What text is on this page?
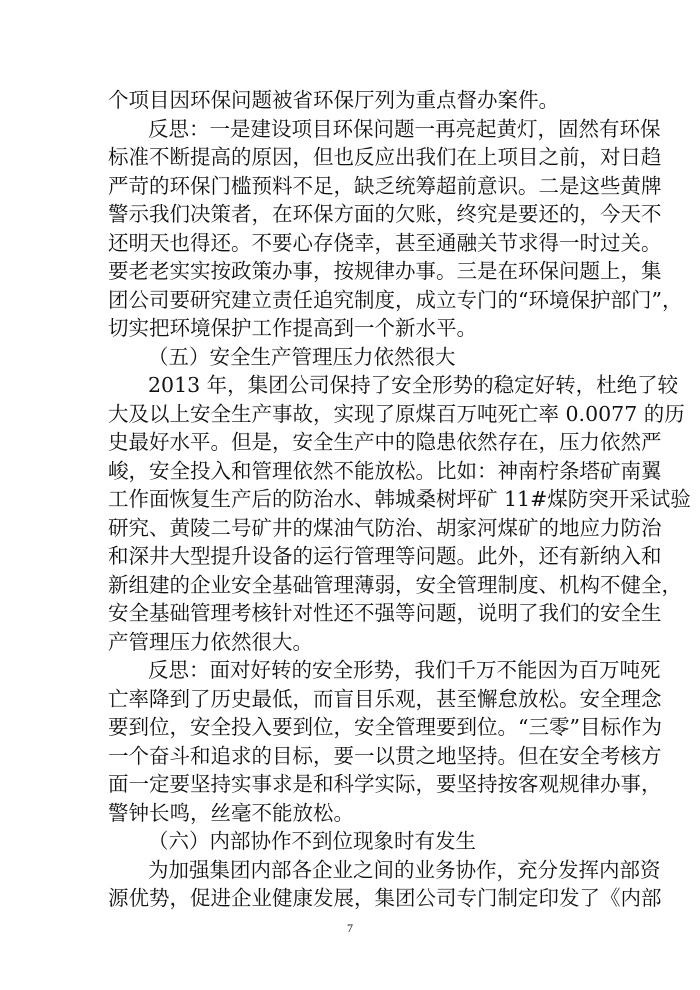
个项目因环保问题被省环保厅列为重点督办案件。
反思：一是建设项目环保问题一再亮起黄灯，固然有环保
标准不断提高的原因，但也反应出我们在上项目之前，对日趋
严苛的环保门槛预料不足，缺乏统筹超前意识。二是这些黄牌
警示我们决策者，在环保方面的欠账，终究是要还的，今天不
还明天也得还。不要心存侥幸，甚至通融关节求得一时过关。
要老老实实按政策办事，按规律办事。三是在环保问题上，集
团公司要研究建立责任追究制度，成立专门的“环境保护部门”，
切实把环境保护工作提高到一个新水平。
（五）安全生产管理压力依然很大
2013 年，集团公司保持了安全形势的稳定好转，杜绝了较
大及以上安全生产事故，实现了原煤百万吨死亡率 0.0077 的历
史最好水平。但是，安全生产中的隐患依然存在，压力依然严
峻，安全投入和管理依然不能放松。比如：神南柠条塔矿南翼
工作面恢复生产后的防治水、韩城桑树坪矿 11#煤防突开采试验
研究、黄陵二号矿井的煤油气防治、胡家河煤矿的地应力防治
和深井大型提升设备的运行管理等问题。此外，还有新纳入和
新组建的企业安全基础管理薄弱，安全管理制度、机构不健全，
安全基础管理考核针对性还不强等问题，说明了我们的安全生
产管理压力依然很大。
反思：面对好转的安全形势，我们千万不能因为百万吨死
亡率降到了历史最低，而盲目乐观，甚至懈怠放松。安全理念
要到位，安全投入要到位，安全管理要到位。“三零”目标作为
一个奋斗和追求的目标，要一以贯之地坚持。但在安全考核方
面一定要坚持实事求是和科学实际，要坚持按客观规律办事，
警钟长鸣，丝毫不能放松。
（六）内部协作不到位现象时有发生
为加强集团内部各企业之间的业务协作，充分发挥内部资
源优势，促进企业健康发展，集团公司专门制定印发了《内部
7
